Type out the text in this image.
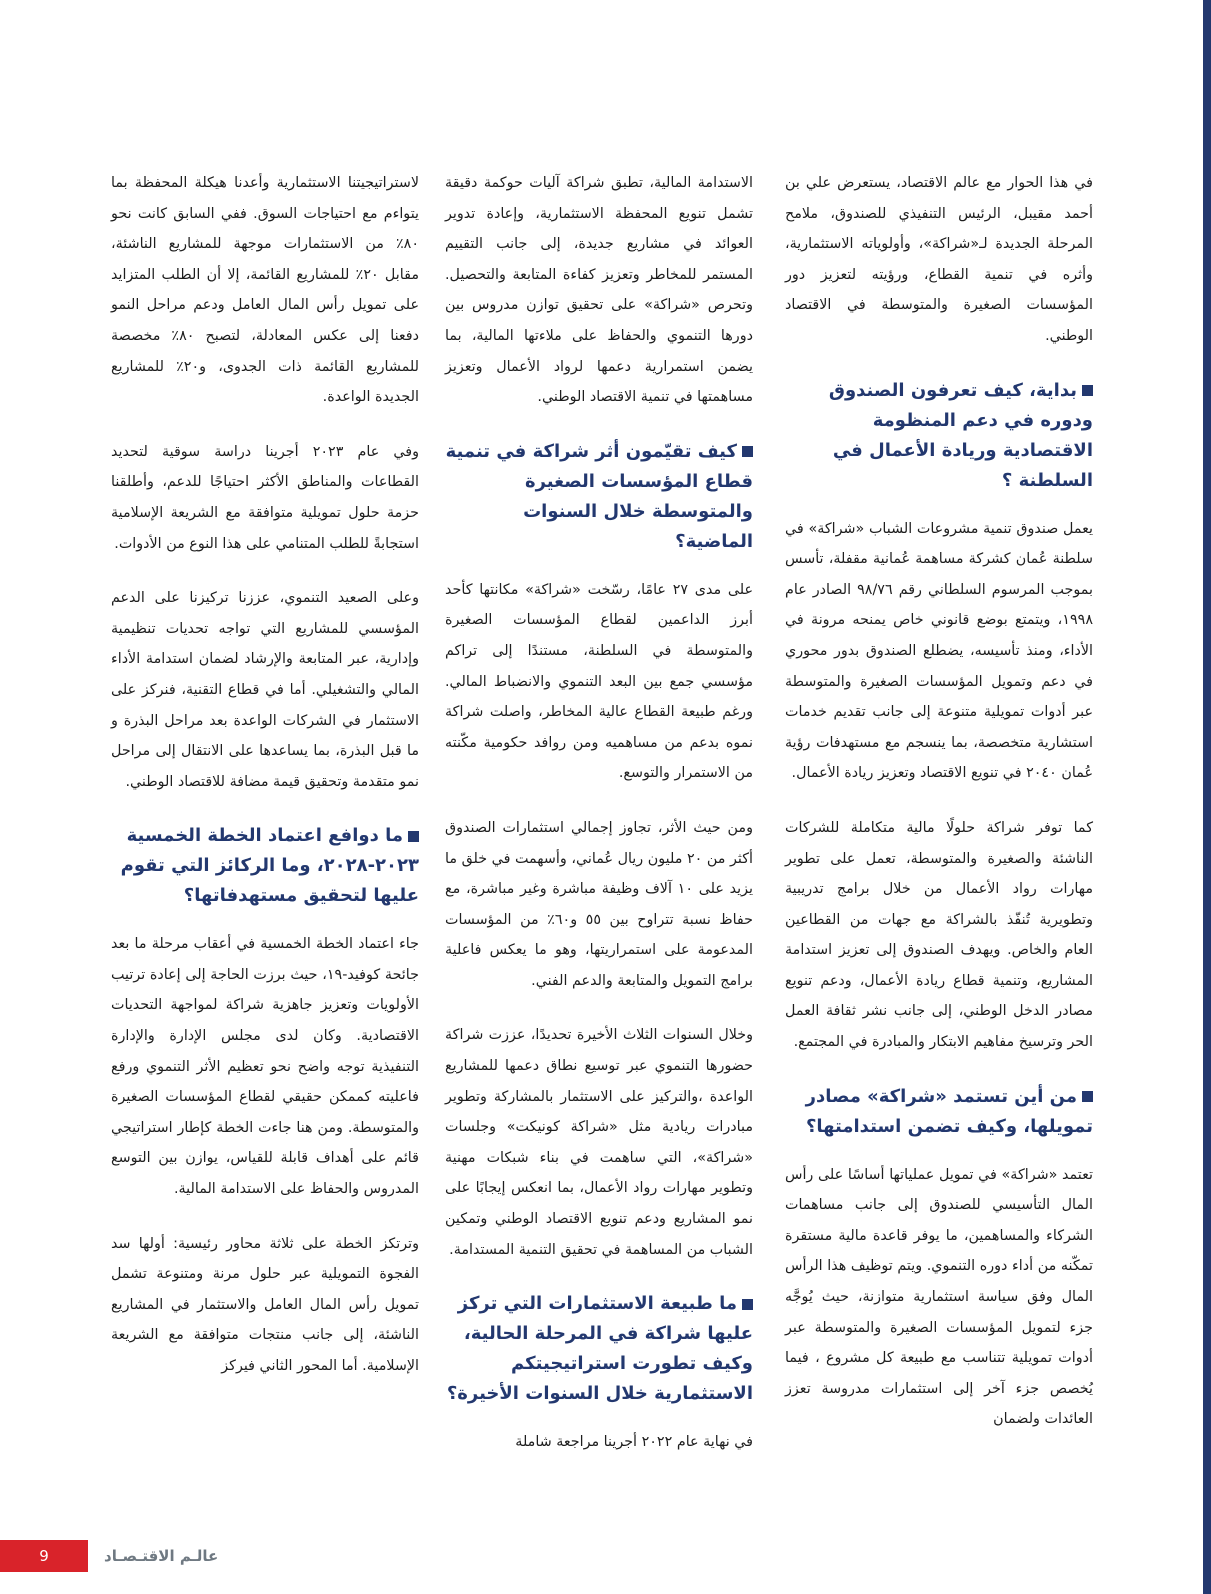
في هذا الحوار مع عالم الاقتصاد، يستعرض علي بن أحمد مقيبل، الرئيس التنفيذي للصندوق، ملامح المرحلة الجديدة لـ«شراكة»، وأولوياته الاستثمارية، وأثره في تنمية القطاع، ورؤيته لتعزيز دور المؤسسات الصغيرة والمتوسطة في الاقتصاد الوطني.

بداية، كيف تعرفون الصندوق ودوره في دعم المنظومة الاقتصادية وريادة الأعمال في السلطنة ؟

يعمل صندوق تنمية مشروعات الشباب «شراكة» في سلطنة عُمان كشركة مساهمة عُمانية مقفلة، تأسس بموجب المرسوم السلطاني رقم ٩٨/٧٦ الصادر عام ١٩٩٨، ويتمتع بوضع قانوني خاص يمنحه مرونة في الأداء، ومنذ تأسيسه، يضطلع الصندوق بدور محوري في دعم وتمويل المؤسسات الصغيرة والمتوسطة عبر أدوات تمويلية متنوعة إلى جانب تقديم خدمات استشارية متخصصة، بما ينسجم مع مستهدفات رؤية عُمان ٢٠٤٠ في تنويع الاقتصاد وتعزيز ريادة الأعمال.

كما توفر شراكة حلولًا مالية متكاملة للشركات الناشئة والصغيرة والمتوسطة، تعمل على تطوير مهارات رواد الأعمال من خلال برامج تدريبية وتطويرية تُنفّذ بالشراكة مع جهات من القطاعين العام والخاص. ويهدف الصندوق إلى تعزيز استدامة المشاريع، وتنمية قطاع ريادة الأعمال، ودعم تنويع مصادر الدخل الوطني، إلى جانب نشر ثقافة العمل الحر وترسيخ مفاهيم الابتكار والمبادرة في المجتمع.

من أين تستمد «شراكة» مصادر تمويلها، وكيف تضمن استدامتها؟

تعتمد «شراكة» في تمويل عملياتها أساسًا على رأس المال التأسيسي للصندوق إلى جانب مساهمات الشركاء والمساهمين، ما يوفر قاعدة مالية مستقرة تمكّنه من أداء دوره التنموي. ويتم توظيف هذا الرأس المال وفق سياسة استثمارية متوازنة، حيث يُوجَّه جزء لتمويل المؤسسات الصغيرة والمتوسطة عبر أدوات تمويلية تتناسب مع طبيعة كل مشروع ، فيما يُخصص جزء آخر إلى استثمارات مدروسة تعزز العائدات ولضمان

الاستدامة المالية، تطبق شراكة آليات حوكمة دقيقة تشمل تنويع المحفظة الاستثمارية، وإعادة تدوير العوائد في مشاريع جديدة، إلى جانب التقييم المستمر للمخاطر وتعزيز كفاءة المتابعة والتحصيل. وتحرص «شراكة» على تحقيق توازن مدروس بين دورها التنموي والحفاظ على ملاءتها المالية، بما يضمن استمرارية دعمها لرواد الأعمال وتعزيز مساهمتها في تنمية الاقتصاد الوطني.

كيف تقيّمون أثر شراكة في تنمية قطاع المؤسسات الصغيرة والمتوسطة خلال السنوات الماضية؟

على مدى ٢٧ عامًا، رسّخت «شراكة» مكانتها كأحد أبرز الداعمين لقطاع المؤسسات الصغيرة والمتوسطة في السلطنة، مستندًا إلى تراكم مؤسسي جمع بين البعد التنموي والانضباط المالي. ورغم طبيعة القطاع عالية المخاطر، واصلت شراكة نموه بدعم من مساهميه ومن روافد حكومية مكّنته من الاستمرار والتوسع.

ومن حيث الأثر، تجاوز إجمالي استثمارات الصندوق أكثر من ٢٠ مليون ريال عُماني، وأسهمت في خلق ما يزيد على ١٠ آلاف وظيفة مباشرة وغير مباشرة، مع حفاظ نسبة تتراوح بين ٥٥ و٦٠٪ من المؤسسات المدعومة على استمراريتها، وهو ما يعكس فاعلية برامج التمويل والمتابعة والدعم الفني.

وخلال السنوات الثلاث الأخيرة تحديدًا، عززت شراكة حضورها التنموي عبر توسيع نطاق دعمها للمشاريع الواعدة ،والتركيز على الاستثمار بالمشاركة وتطوير مبادرات ريادية مثل «شراكة كونيكت» وجلسات «شراكة»، التي ساهمت في بناء شبكات مهنية وتطوير مهارات رواد الأعمال، بما انعكس إيجابًا على نمو المشاريع ودعم تنويع الاقتصاد الوطني وتمكين الشباب من المساهمة في تحقيق التنمية المستدامة.

ما طبيعة الاستثمارات التي تركز عليها شراكة في المرحلة الحالية، وكيف تطورت استراتيجيتكم الاستثمارية خلال السنوات الأخيرة؟

في نهاية عام ٢٠٢٢ أجرينا مراجعة شاملة

لاستراتيجيتنا الاستثمارية وأعدنا هيكلة المحفظة بما يتواءم مع احتياجات السوق. ففي السابق كانت نحو ٨٠٪ من الاستثمارات موجهة للمشاريع الناشئة، مقابل ٢٠٪ للمشاريع القائمة، إلا أن الطلب المتزايد على تمويل رأس المال العامل ودعم مراحل النمو دفعنا إلى عكس المعادلة، لتصبح ٨٠٪ مخصصة للمشاريع القائمة ذات الجدوى، و٢٠٪ للمشاريع الجديدة الواعدة.

وفي عام ٢٠٢٣ أجرينا دراسة سوقية لتحديد القطاعات والمناطق الأكثر احتياجًا للدعم، وأطلقنا حزمة حلول تمويلية متوافقة مع الشريعة الإسلامية استجابةً للطلب المتنامي على هذا النوع من الأدوات.

وعلى الصعيد التنموي، عززنا تركيزنا على الدعم المؤسسي للمشاريع التي تواجه تحديات تنظيمية وإدارية، عبر المتابعة والإرشاد لضمان استدامة الأداء المالي والتشغيلي. أما في قطاع التقنية، فنركز على الاستثمار في الشركات الواعدة بعد مراحل البذرة و ما قبل البذرة، بما يساعدها على الانتقال إلى مراحل نمو متقدمة وتحقيق قيمة مضافة للاقتصاد الوطني.

ما دوافع اعتماد الخطة الخمسية ٢٠٢٣-٢٠٢٨، وما الركائز التي تقوم عليها لتحقيق مستهدفاتها؟

جاء اعتماد الخطة الخمسية في أعقاب مرحلة ما بعد جائحة كوفيد-١٩، حيث برزت الحاجة إلى إعادة ترتيب الأولويات وتعزيز جاهزية شراكة لمواجهة التحديات الاقتصادية. وكان لدى مجلس الإدارة والإدارة التنفيذية توجه واضح نحو تعظيم الأثر التنموي ورفع فاعليته كممكن حقيقي لقطاع المؤسسات الصغيرة والمتوسطة. ومن هنا جاءت الخطة كإطار استراتيجي قائم على أهداف قابلة للقياس، يوازن بين التوسع المدروس والحفاظ على الاستدامة المالية.

وترتكز الخطة على ثلاثة محاور رئيسية: أولها سد الفجوة التمويلية عبر حلول مرنة ومتنوعة تشمل تمويل رأس المال العامل والاستثمار في المشاريع الناشئة، إلى جانب منتجات متوافقة مع الشريعة الإسلامية. أما المحور الثاني فيركز

9	عالـم الاقتـصـاد
